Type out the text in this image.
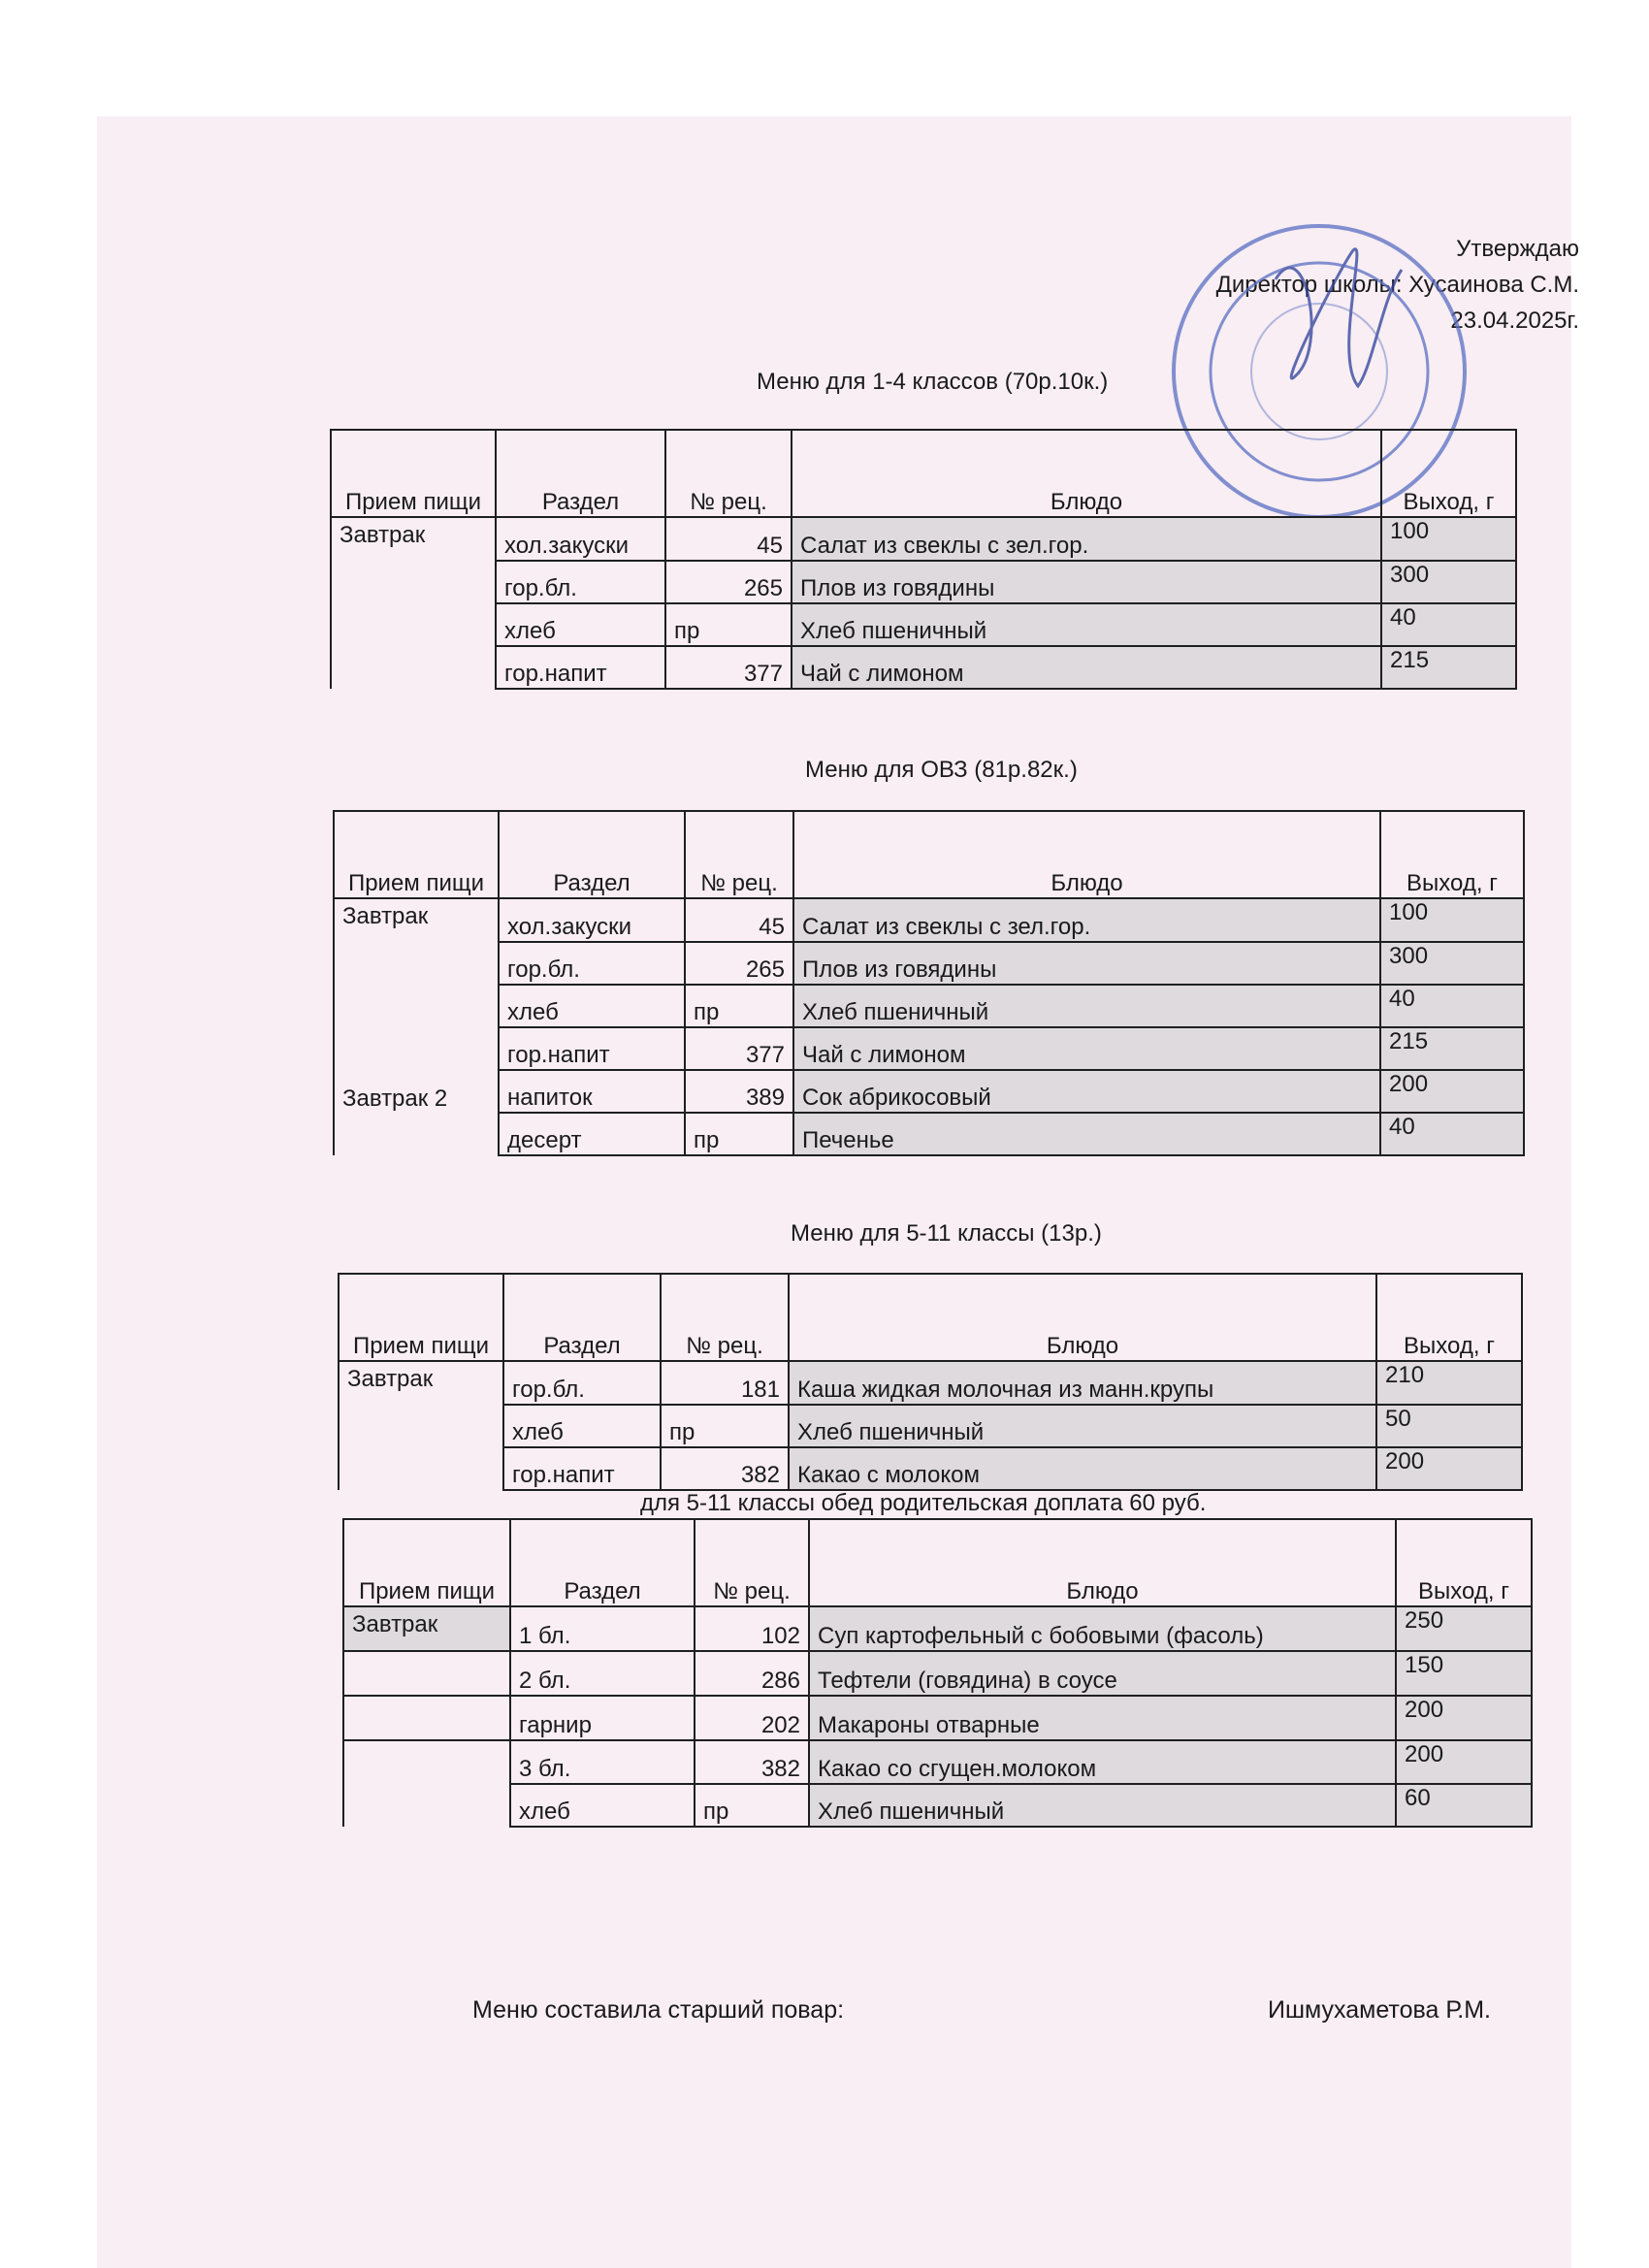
Утверждаю
Директор школы: Хусаинова С.М.
23.04.2025г.
Меню для 1-4 классов (70р.10к.)
Прием пищи	Раздел	№ рец.	Блюдо	Выход, г
Завтрак	хол.закуски	45	Салат из свеклы с зел.гор.	100
	гор.бл.	265	Плов из говядины	300
	хлеб	пр	Хлеб пшеничный	40
	гор.напит	377	Чай с лимоном	215
Меню для ОВЗ (81р.82к.)
Прием пищи	Раздел	№ рец.	Блюдо	Выход, г
Завтрак	хол.закуски	45	Салат из свеклы с зел.гор.	100
	гор.бл.	265	Плов из говядины	300
	хлеб	пр	Хлеб пшеничный	40
	гор.напит	377	Чай с лимоном	215
Завтрак 2	напиток	389	Сок абрикосовый	200
	десерт	пр	Печенье	40
Меню для 5-11 классы (13р.)
Прием пищи	Раздел	№ рец.	Блюдо	Выход, г
Завтрак	гор.бл.	181	Каша жидкая молочная из манн.крупы	210
	хлеб	пр	Хлеб пшеничный	50
	гор.напит	382	Какао с молоком	200
для 5-11 классы обед родительская доплата 60 руб.
Прием пищи	Раздел	№ рец.	Блюдо	Выход, г
Завтрак	1 бл.	102	Суп картофельный с бобовыми (фасоль)	250
	2 бл.	286	Тефтели (говядина) в соусе	150
	гарнир	202	Макароны отварные	200
	3 бл.	382	Какао со сгущен.молоком	200
	хлеб	пр	Хлеб пшеничный	60
Меню составила старший повар:	Ишмухаметова Р.М.
